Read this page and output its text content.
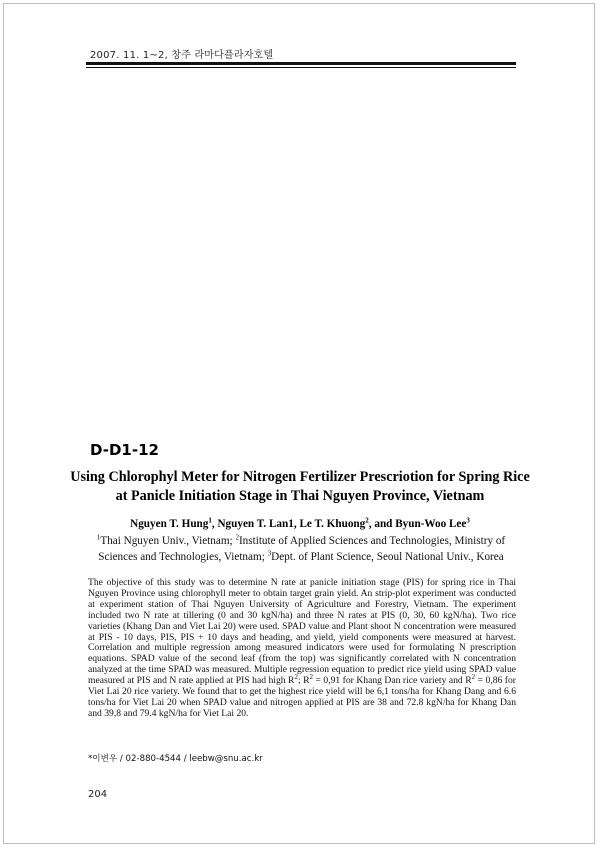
2007. 11. 1~2, 창주 라마다플라자호텔
D-D1-12
Using Chlorophyl Meter for Nitrogen Fertilizer Prescriotion for Spring Rice at Panicle Initiation Stage in Thai Nguyen Province, Vietnam
Nguyen T. Hung$^1$, Nguyen T. Lan1, Le T. Khuong$^2$, and Byun-Woo Lee$^3$
$^1$Thai Nguyen Univ., Vietnam; $^2$Institute of Applied Sciences and Technologies, Ministry of Sciences and Technologies, Vietnam; $^3$Dept. of Plant Science, Seoul National Univ., Korea
The objective of this study was to determine N rate at panicle initiation stage (PIS) for spring rice in Thai Nguyen Province using chlorophyll meter to obtain target grain yield. An strip-plot experiment was conducted at experiment station of Thai Nguyen University of Agriculture and Forestry, Vietnam. The experiment included two N rate at tillering (0 and 30 kgN/ha) and three N rates at PIS (0, 30, 60 kgN/ha). Two rice varieties (Khang Dan and Viet Lai 20) were used. SPAD value and Plant shoot N concentration were measured at PIS - 10 days, PIS, PIS + 10 days and heading, and yield, yield components were measured at harvest. Correlation and multiple regression among measured indicators were used for formulating N prescription equations. SPAD value of the second leaf (from the top) was significantly correlated with N concentration analyzed at the time SPAD was measured. Multiple regression equation to predict rice yield using SPAD value measured at PIS and N rate applied at PIS had high $R^2$; $R^2 = 0,91$ for Khang Dan rice variety and $R^2 = 0,86$ for Viet Lai 20 rice variety. We found that to get the highest rice yield will be 6,1 tons/ha for Khang Dang and 6.6 tons/ha for Viet Lai 20 when SPAD value and nitrogen applied at PIS are 38 and 72.8 kgN/ha for Khang Dan and 39,8 and 79.4 kgN/ha for Viet Lai 20.
*이변우 / 02-880-4544 / leebw@snu.ac.kr
204
